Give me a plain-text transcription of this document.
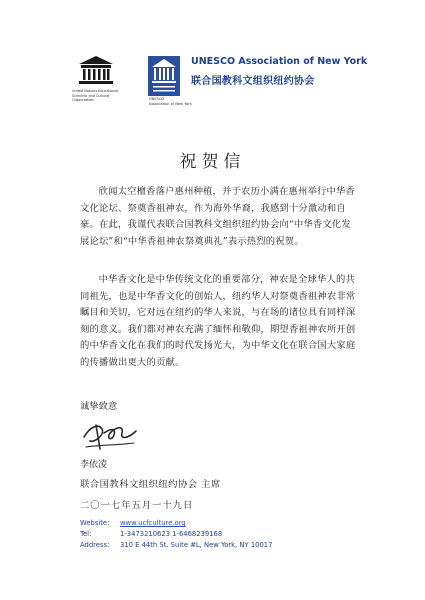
United Nations Educational, Scientific and Cultural Organization	UNESCO
Association of New York
UNESCO Association of New York
联合国教科文组织纽约协会
祝贺信
欣闻太空檀香落户惠州种植，并于农历小满在惠州举行中华香文化论坛、祭奠香祖神农，作为海外华裔，我感到十分激动和自豪。在此，我谨代表联合国教科文组织纽约协会向“中华香文化发展论坛”和“中华香祖神农祭奠典礼”表示热烈的祝贺。
中华香文化是中华传统文化的重要部分，神农是全球华人的共同祖先，也是中华香文化的创始人，纽约华人对祭奠香祖神农非常瞩目和关切，它对远在纽约的华人来说，与在场的诸位具有同样深刻的意义。我们都对神农充满了缅怀和敬仰，期望香祖神农所开创的中华香文化在我们的时代发扬光大，为中华文化在联合国大家庭的传播做出更大的贡献。
诚挚致意
李依凌
联合国教科文组织纽约协会 主席
二〇一七年五月一十九日
Website: www.ucfculture.org
Tel:	1-3473210623 1-6468239168
Address: 310 E 44th St. Suite #L, New York, NY 10017
